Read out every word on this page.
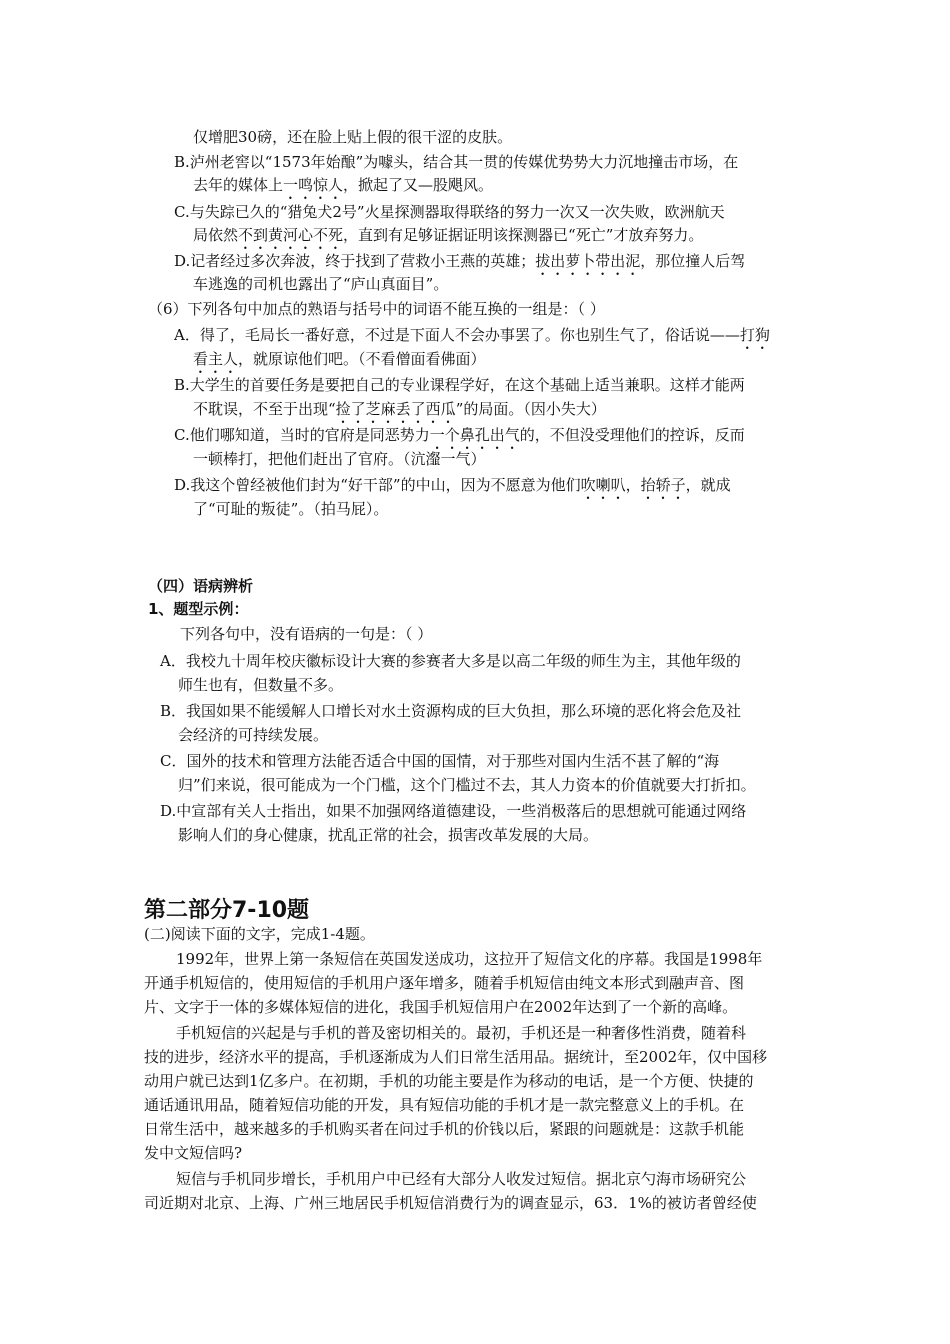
仅增肥30磅，还在脸上贴上假的很干涩的皮肤。
B.泸州老窖以“1573年始酿”为噱头，结合其一贯的传媒优势势大力沉地撞击市场，在
去年的媒体上一鸣惊人，掀起了又—股飓风。
C.与失踪已久的“猎兔犬2号”火星探测器取得联络的努力一次又一次失败，欧洲航天
局依然不到黄河心不死，直到有足够证据证明该探测器已“死亡”才放弃努力。
D.记者经过多次奔波，终于找到了营救小王燕的英雄；拔出萝卜带出泥，那位撞人后驾
车逃逸的司机也露出了“庐山真面目”。
（6）下列各句中加点的熟语与括号中的词语不能互换的一组是：（ ）
A．得了，毛局长一番好意，不过是下面人不会办事罢了。你也别生气了，俗话说——打狗
看主人，就原谅他们吧。（不看僧面看佛面）
B.大学生的首要任务是要把自己的专业课程学好，在这个基础上适当兼职。这样才能两
不耽误，不至于出现“捡了芝麻丢了西瓜”的局面。（因小失大）
C.他们哪知道，当时的官府是同恶势力一个鼻孔出气的，不但没受理他们的控诉，反而
一顿棒打，把他们赶出了官府。（沆瀣一气）
D.我这个曾经被他们封为“好干部”的中山，因为不愿意为他们吹喇叭，抬轿子，就成
了“可耻的叛徒”。（拍马屁）。
（四）语病辨析
1、题型示例：
下列各句中，没有语病的一句是：（ ）
A．我校九十周年校庆徽标设计大赛的参赛者大多是以高二年级的师生为主，其他年级的
师生也有，但数量不多。
B．我国如果不能缓解人口增长对水土资源构成的巨大负担，那么环境的恶化将会危及社
会经济的可持续发展。
C．国外的技术和管理方法能否适合中国的国情，对于那些对国内生活不甚了解的“海
归”们来说，很可能成为一个门槛，这个门槛过不去，其人力资本的价值就要大打折扣。
D.中宣部有关人士指出，如果不加强网络道德建设，一些消极落后的思想就可能通过网络
影响人们的身心健康，扰乱正常的社会，损害改革发展的大局。
第二部分7-10题
(二)阅读下面的文字，完成1-4题。
1992年，世界上第一条短信在英国发送成功，这拉开了短信文化的序幕。我国是1998年
开通手机短信的，使用短信的手机用户逐年增多，随着手机短信由纯文本形式到融声音、图
片、文字于一体的多媒体短信的进化，我国手机短信用户在2002年达到了一个新的高峰。
手机短信的兴起是与手机的普及密切相关的。最初，手机还是一种奢侈性消费，随着科
技的进步，经济水平的提高，手机逐渐成为人们日常生活用品。据统计，至2002年，仅中国移
动用户就已达到1亿多户。在初期，手机的功能主要是作为移动的电话，是一个方便、快捷的
通话通讯用品，随着短信功能的开发，具有短信功能的手机才是一款完整意义上的手机。在
日常生活中，越来越多的手机购买者在问过手机的价钱以后，紧跟的问题就是：这款手机能
发中文短信吗?
短信与手机同步增长，手机用户中已经有大部分人收发过短信。据北京勺海市场研究公
司近期对北京、上海、广州三地居民手机短信消费行为的调查显示，63．1%的被访者曾经使
